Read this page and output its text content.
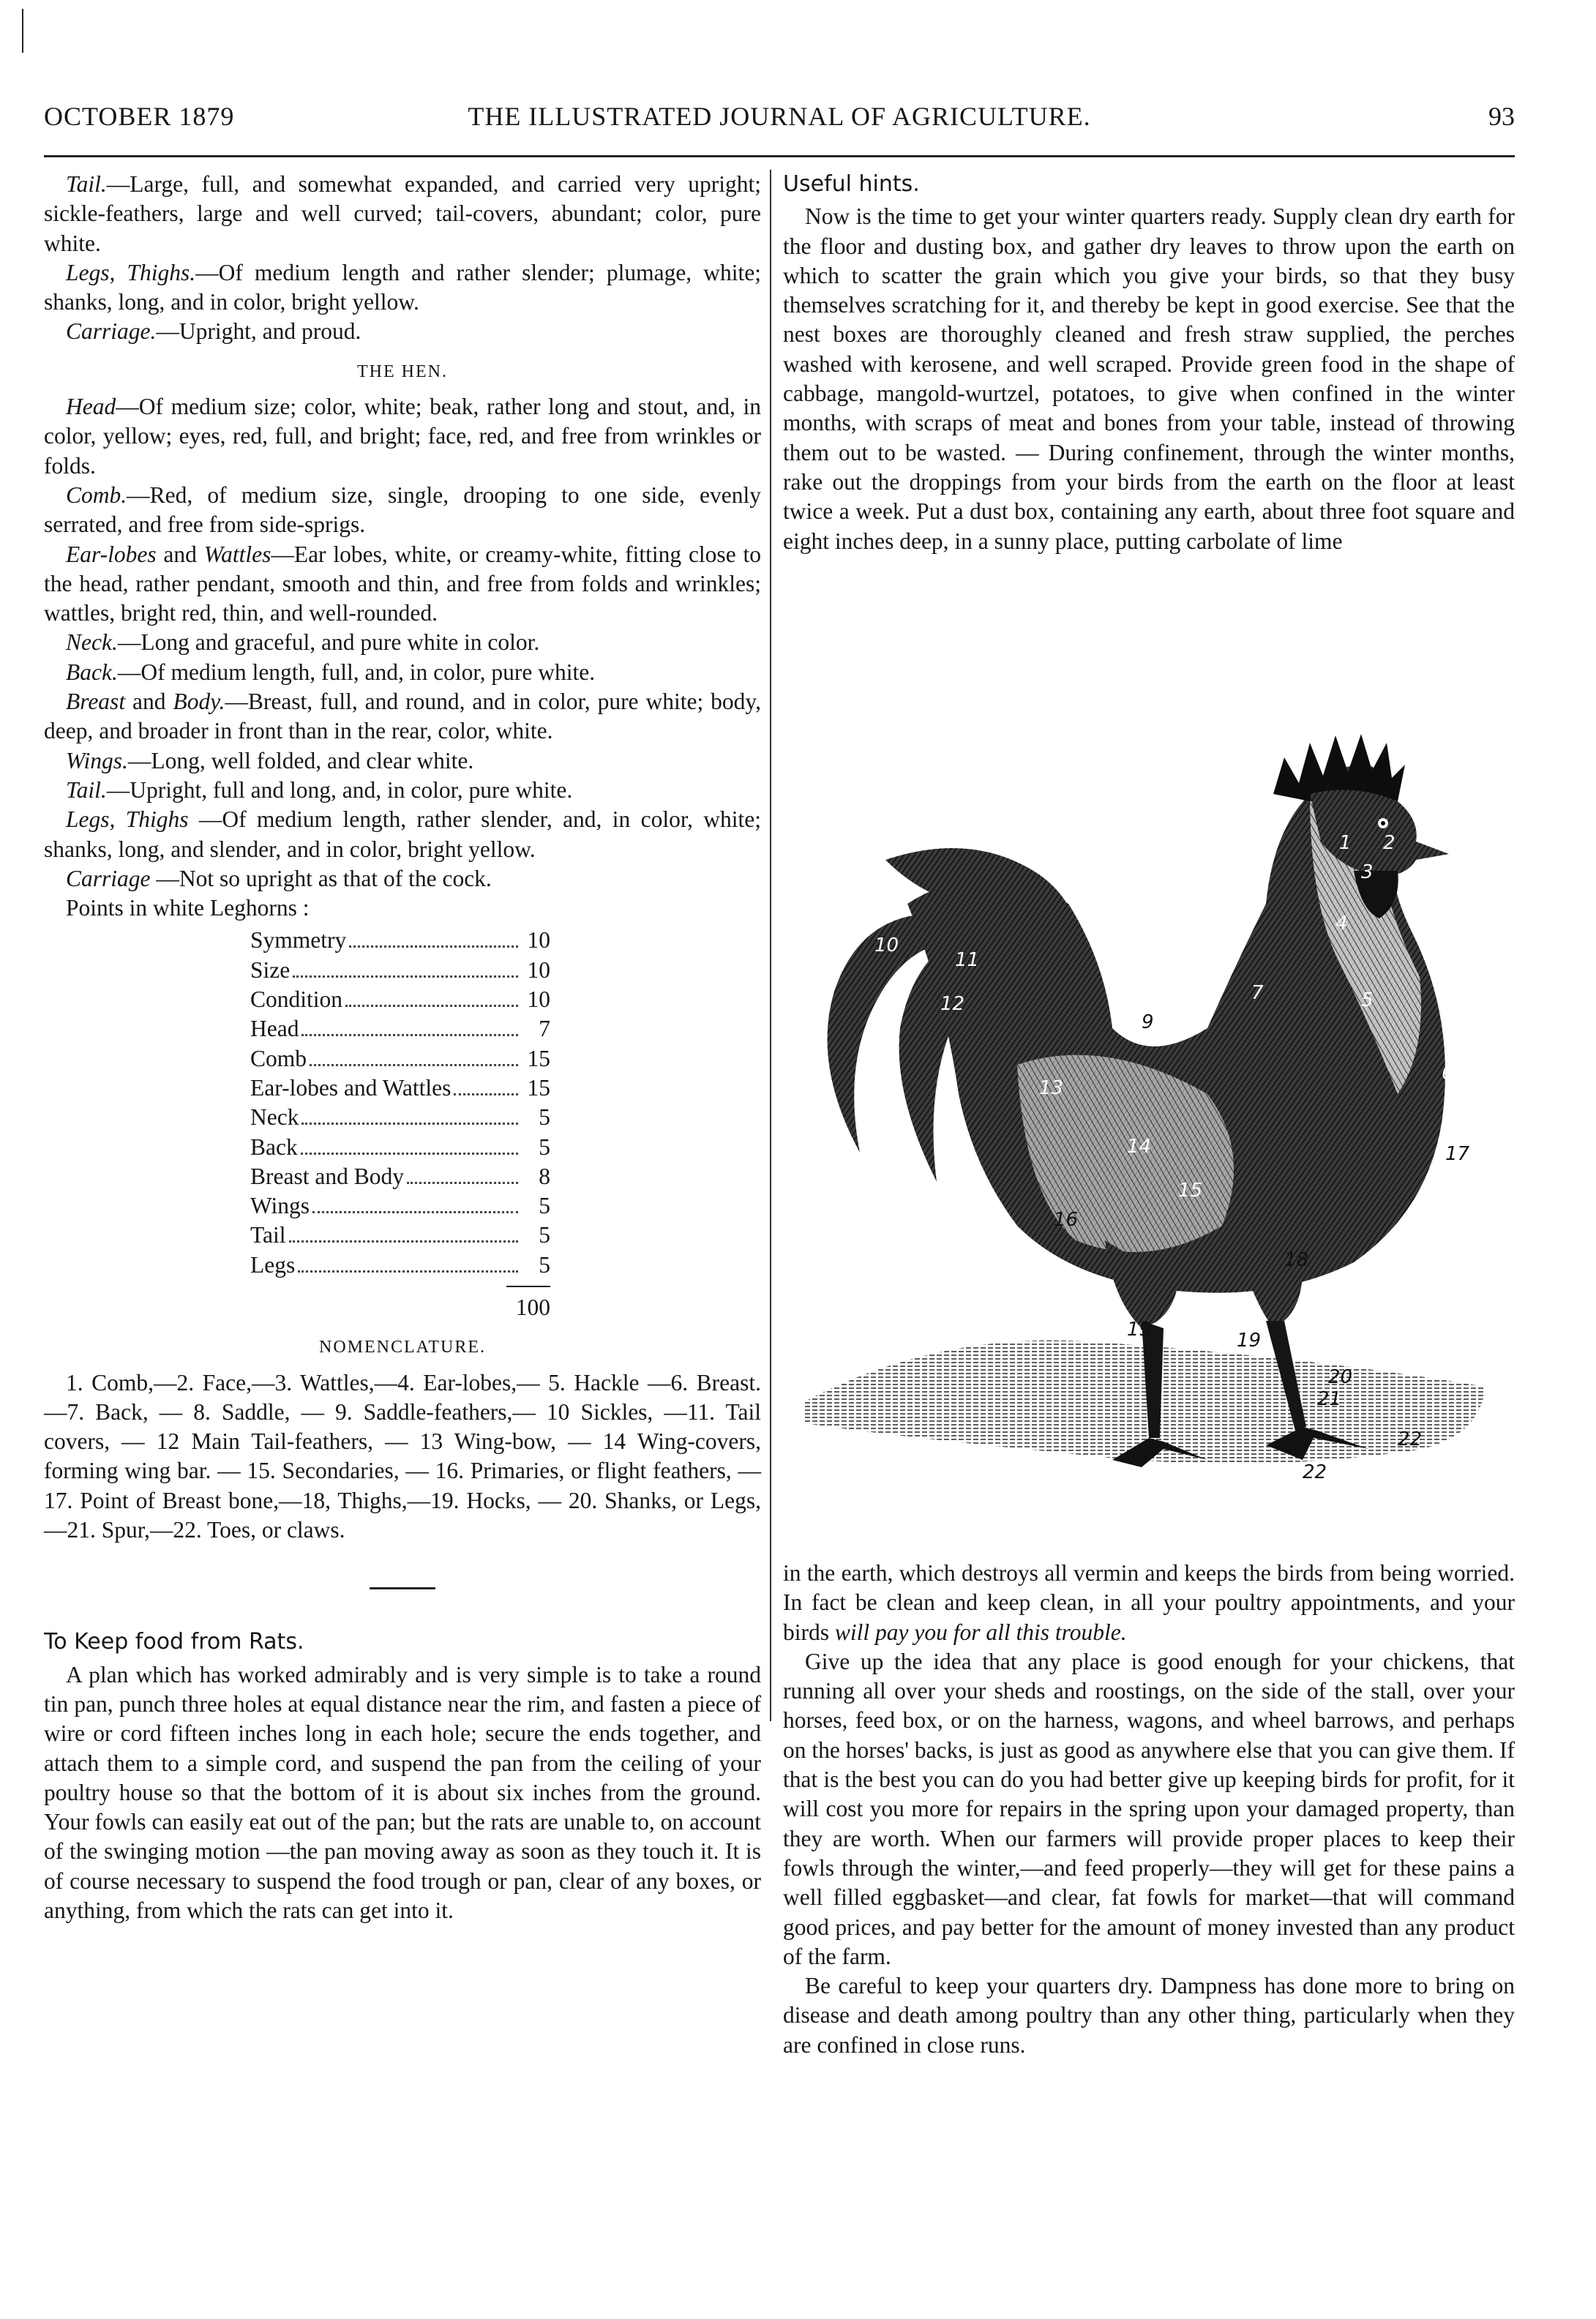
OCTOBER 1879	THE ILLUSTRATED JOURNAL OF AGRICULTURE.	93

Tail.—Large, full, and somewhat expanded, and carried very upright; sickle-feathers, large and well curved; tail-covers, abundant; color, pure white.

Legs, Thighs.—Of medium length and rather slender; plumage, white; shanks, long, and in color, bright yellow.

Carriage.—Upright, and proud.

THE HEN.

Head—Of medium size; color, white; beak, rather long and stout, and, in color, yellow; eyes, red, full, and bright; face, red, and free from wrinkles or folds.

Comb.—Red, of medium size, single, drooping to one side, evenly serrated, and free from side-sprigs.

Ear-lobes and Wattles—Ear lobes, white, or creamy-white, fitting close to the head, rather pendant, smooth and thin, and free from folds and wrinkles; wattles, bright red, thin, and well-rounded.

Neck.—Long and graceful, and pure white in color.

Back.—Of medium length, full, and, in color, pure white.

Breast and Body.—Breast, full, and round, and in color, pure white; body, deep, and broader in front than in the rear, color, white.

Wings.—Long, well folded, and clear white.

Tail.—Upright, full and long, and, in color, pure white.

Legs, Thighs —Of medium length, rather slender, and, in color, white; shanks, long, and slender, and in color, bright yellow.

Carriage —Not so upright as that of the cock.

Points in white Leghorns :

Symmetry	10
Size	10
Condition	10
Head	7
Comb	15
Ear-lobes and Wattles	15
Neck	5
Back	5
Breast and Body	8
Wings	5
Tail	5
Legs	5
100

NOMENCLATURE.

1. Comb,—2. Face,—3. Wattles,—4. Ear-lobes,— 5. Hackle —6. Breast.—7. Back, — 8. Saddle, — 9. Saddle-feathers,— 10 Sickles, —11. Tail covers, — 12 Main Tail-feathers, — 13 Wing-bow, — 14 Wing-covers, forming wing bar. — 15. Secondaries, — 16. Primaries, or flight feathers, — 17. Point of Breast bone,—18, Thighs,—19. Hocks, — 20. Shanks, or Legs,—21. Spur,—22. Toes, or claws.

To Keep food from Rats.

A plan which has worked admirably and is very simple is to take a round tin pan, punch three holes at equal distance near the rim, and fasten a piece of wire or cord fifteen inches long in each hole; secure the ends together, and attach them to a simple cord, and suspend the pan from the ceiling of your poultry house so that the bottom of it is about six inches from the ground. Your fowls can easily eat out of the pan; but the rats are unable to, on account of the swinging motion —the pan moving away as soon as they touch it. It is of course necessary to suspend the food trough or pan, clear of any boxes, or anything, from which the rats can get into it.

Useful hints.

Now is the time to get your winter quarters ready. Supply clean dry earth for the floor and dusting box, and gather dry leaves to throw upon the earth on which to scatter the grain which you give your birds, so that they busy themselves scratching for it, and thereby be kept in good exercise. See that the nest boxes are thoroughly cleaned and fresh straw supplied, the perches washed with kerosene, and well scraped. Provide green food in the shape of cabbage, mangold-wurtzel, potatoes, to give when confined in the winter months, with scraps of meat and bones from your table, instead of throwing them out to be wasted. — During confinement, through the winter months, rake out the droppings from your birds from the earth on the floor at least twice a week. Put a dust box, containing any earth, about three foot square and eight inches deep, in a sunny place, putting carbolate of lime

1 2
3
4
5
6
7
8
9
10
11
12
13
14
15
16
17
18
19	19
20
21
22
22

in the earth, which destroys all vermin and keeps the birds from being worried. In fact be clean and keep clean, in all your poultry appointments, and your birds will pay you for all this trouble.

Give up the idea that any place is good enough for your chickens, that running all over your sheds and roostings, on the side of the stall, over your horses, feed box, or on the harness, wagons, and wheel barrows, and perhaps on the horses' backs, is just as good as anywhere else that you can give them. If that is the best you can do you had better give up keeping birds for profit, for it will cost you more for repairs in the spring upon your damaged property, than they are worth. When our farmers will provide proper places to keep their fowls through the winter,—and feed properly—they will get for these pains a well filled eggbasket—and clear, fat fowls for market—that will command good prices, and pay better for the amount of money invested than any product of the farm.

Be careful to keep your quarters dry. Dampness has done more to bring on disease and death among poultry than any other thing, particularly when they are confined in close runs.
